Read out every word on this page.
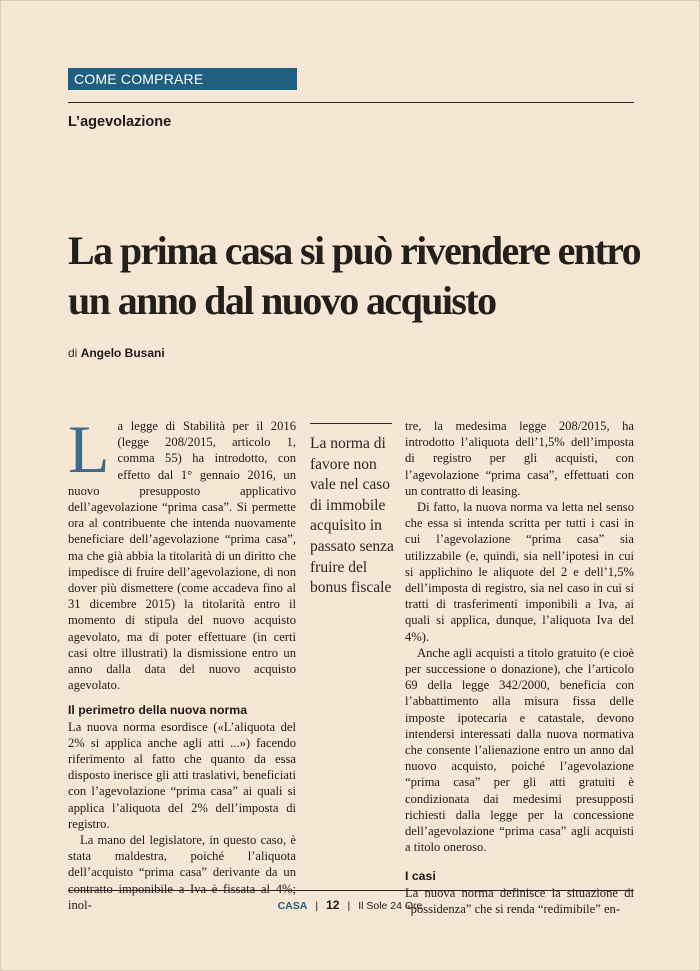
COME COMPRARE
L’agevolazione
La prima casa si può rivendere entro un anno dal nuovo acquisto
di Angelo Busani

La legge di Stabilità per il 2016 (legge 208/2015, articolo 1, comma 55) ha introdotto, con effetto dal 1° gennaio 2016, un nuovo presupposto applicativo dell’agevolazione “prima casa”. Si permette ora al contribuente che intenda nuovamente beneficiare dell’agevolazione “prima casa”, ma che già abbia la titolarità di un diritto che impedisce di fruire dell’agevolazione, di non dover più dismettere (come accadeva fino al 31 dicembre 2015) la titolarità entro il momento di stipula del nuovo acquisto agevolato, ma di poter effettuare (in certi casi oltre illustrati) la dismissione entro un anno dalla data del nuovo acquisto agevolato.

Il perimetro della nuova norma

La nuova norma esordisce («L’aliquota del 2% si applica anche agli atti ...») facendo riferimento al fatto che quanto da essa disposto inerisce gli atti traslativi, beneficiati con l’agevolazione “prima casa” ai quali si applica l’aliquota del 2% dell’imposta di registro.

La mano del legislatore, in questo caso, è stata maldestra, poiché l’aliquota dell’acquisto “prima casa” derivante da un contratto imponibile a Iva è fissata al 4%; inol-

La norma di favore non vale nel caso di immobile acquisito in passato senza fruire del bonus fiscale

tre, la medesima legge 208/2015, ha introdotto l’aliquota dell’1,5% dell’imposta di registro per gli acquisti, con l’agevolazione “prima casa”, effettuati con un contratto di leasing.

Di fatto, la nuova norma va letta nel senso che essa si intenda scritta per tutti i casi in cui l’agevolazione “prima casa” sia utilizzabile (e, quindi, sia nell’ipotesi in cui si applichino le aliquote del 2 e dell’1,5% dell’imposta di registro, sia nel caso in cui si tratti di trasferimenti imponibili a Iva, ai quali si applica, dunque, l’aliquota Iva del 4%).

Anche agli acquisti a titolo gratuito (e cioè per successione o donazione), che l’articolo 69 della legge 342/2000, beneficia con l’abbattimento alla misura fissa delle imposte ipotecaria e catastale, devono intendersi interessati dalla nuova normativa che consente l’alienazione entro un anno dal nuovo acquisto, poiché l’agevolazione “prima casa” per gli atti gratuiti è condizionata dai medesimi presupposti richiesti dalla legge per la concessione dell’agevolazione “prima casa” agli acquisti a titolo oneroso.

I casi

La nuova norma definisce la situazione di “possidenza” che si renda “redimibile” en-

CASA | 12 | Il Sole 24 Ore
